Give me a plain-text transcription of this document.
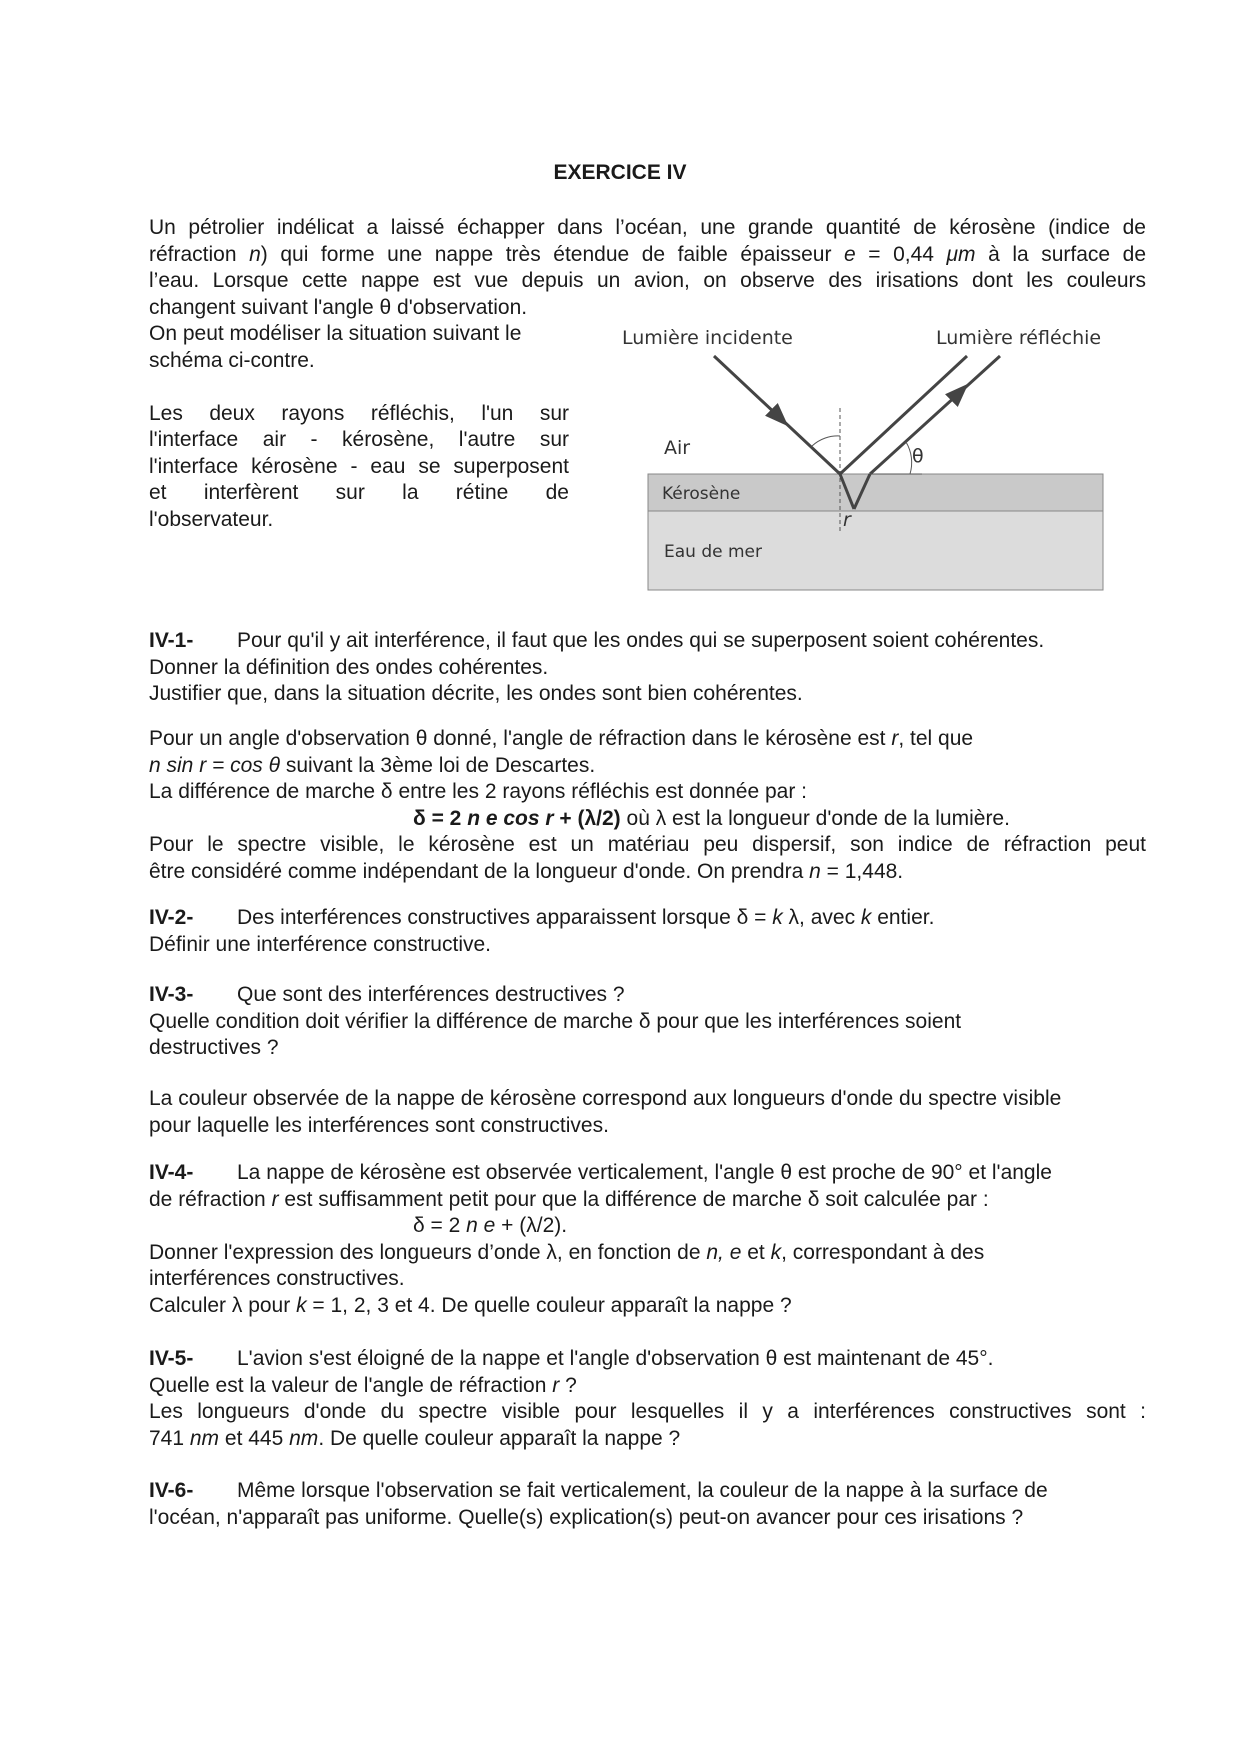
EXERCICE IV
Un pétrolier indélicat a laissé échapper dans l’océan, une grande quantité de kérosène (indice de
réfraction n) qui forme une nappe très étendue de faible épaisseur e = 0,44 μm à la surface de
l’eau. Lorsque cette nappe est vue depuis un avion, on observe des irisations dont les couleurs
changent suivant l'angle θ d'observation.
On peut modéliser la situation suivant le
schéma ci-contre.
Les deux rayons réfléchis, l'un sur
l'interface air - kérosène, l'autre sur
l'interface kérosène - eau se superposent
et interfèrent sur la rétine de
l'observateur.
Lumière incidente	Lumière réfléchie
Air
Kérosène
Eau de mer
θ
r
IV-1- Pour qu'il y ait interférence, il faut que les ondes qui se superposent soient cohérentes.
Donner la définition des ondes cohérentes.
Justifier que, dans la situation décrite, les ondes sont bien cohérentes.
Pour un angle d'observation θ donné, l'angle de réfraction dans le kérosène est r, tel que
n sin r = cos θ suivant la 3ème loi de Descartes.
La différence de marche δ entre les 2 rayons réfléchis est donnée par :
δ = 2 n e cos r + (λ/2) où λ est la longueur d'onde de la lumière.
Pour le spectre visible, le kérosène est un matériau peu dispersif, son indice de réfraction peut
être considéré comme indépendant de la longueur d'onde. On prendra n = 1,448.
IV-2- Des interférences constructives apparaissent lorsque δ = k λ, avec k entier.
Définir une interférence constructive.
IV-3- Que sont des interférences destructives ?
Quelle condition doit vérifier la différence de marche δ pour que les interférences soient
destructives ?
La couleur observée de la nappe de kérosène correspond aux longueurs d'onde du spectre visible
pour laquelle les interférences sont constructives.
IV-4- La nappe de kérosène est observée verticalement, l'angle θ est proche de 90° et l'angle
de réfraction r est suffisamment petit pour que la différence de marche δ soit calculée par :
δ = 2 n e + (λ/2).
Donner l'expression des longueurs d’onde λ, en fonction de n, e et k, correspondant à des
interférences constructives.
Calculer λ pour k = 1, 2, 3 et 4. De quelle couleur apparaît la nappe ?
IV-5- L'avion s'est éloigné de la nappe et l'angle d'observation θ est maintenant de 45°.
Quelle est la valeur de l'angle de réfraction r ?
Les longueurs d'onde du spectre visible pour lesquelles il y a interférences constructives sont :
741 nm et 445 nm. De quelle couleur apparaît la nappe ?
IV-6- Même lorsque l'observation se fait verticalement, la couleur de la nappe à la surface de
l'océan, n'apparaît pas uniforme. Quelle(s) explication(s) peut-on avancer pour ces irisations ?
